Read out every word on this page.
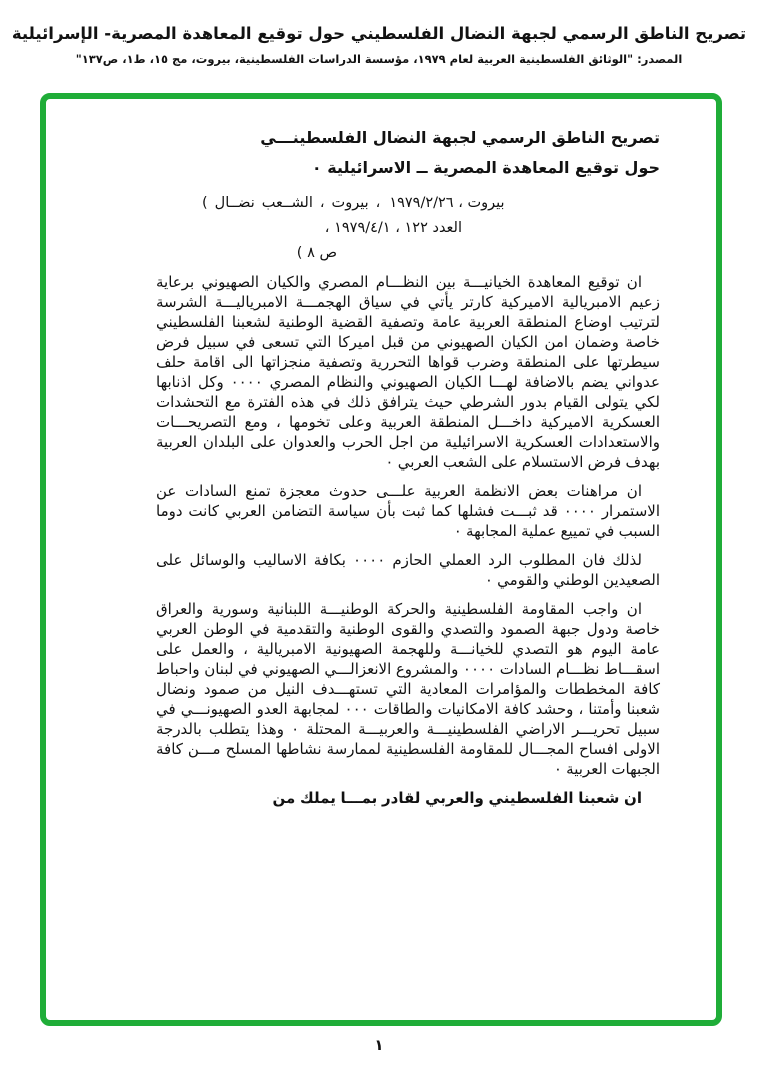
تصريح الناطق الرسمي لجبهة النضال الفلسطيني حول توقيع المعاهدة المصرية- الإسرائيلية
المصدر: "الوثائق الفلسطينية العربية لعام ١٩٧٩، مؤسسة الدراسات الفلسطينية، بيروت، مج ١٥، ط١، ص١٣٧"
تصريح الناطق الرسمي لجبهة النضال الفلسطينـــي
حول توقيع المعاهدة المصرية ــ الاسرائيلية ٠
( نضــال الشــعب ، بيروت ، بيروت ، ١٩٧٩/٢/٢٦
العدد ١٢٢ ، ١٩٧٩/٤/١ ،
ص ٨ )

ان توقيع المعاهدة الخيانيـــة بين النظـــام المصري والكيان الصهيوني برعاية زعيم الامبريالية الاميركية كارتر يأتي في سياق الهجمـــة الامبرياليـــة الشرسة لترتيب اوضاع المنطقة العربية عامة وتصفية القضية الوطنية لشعبنا الفلسطيني خاصة وضمان امن الكيان الصهيوني من قبل اميركا التي تسعى في سبيل فرض سيطرتها على المنطقة وضرب قواها التحررية وتصفية منجزاتها الى اقامة حلف عدواني يضم بالاضافة لهـــا الكيان الصهيوني والنظام المصري ٠٠٠٠ وكل اذنابها لكي يتولى القيام بدور الشرطي حيث يترافق ذلك في هذه الفترة مع التحشدات العسكرية الاميركية داخـــل المنطقة العربية وعلى تخومها ، ومع التصريحـــات والاستعدادات العسكرية الاسرائيلية من اجل الحرب والعدوان على البلدان العربية بهدف فرض الاستسلام على الشعب العربي ٠

ان مراهنات بعض الانظمة العربية علـــى حدوث معجزة تمنع السادات عن الاستمرار ٠٠٠٠ قد ثبـــت فشلها كما ثبت بأن سياسة التضامن العربي كانت دوما السبب في تمييع عملية المجابهة ٠

لذلك فان المطلوب الرد العملي الحازم ٠٠٠٠ بكافة الاساليب والوسائل على الصعيدين الوطني والقومي ٠

ان واجب المقاومة الفلسطينية والحركة الوطنيـــة اللبنانية وسورية والعراق خاصة ودول جبهة الصمود والتصدي والقوى الوطنية والتقدمية في الوطن العربي عامة اليوم هو التصدي للخيانـــة وللهجمة الصهيونية الامبريالية ، والعمل على اسقـــاط نظـــام السادات ٠٠٠٠ والمشروع الانعزالـــي الصهيوني في لبنان واحباط كافة المخططات والمؤامرات المعادية التي تستهـــدف النيل من صمود ونضال شعبنا وأمتنا ، وحشد كافة الامكانيات والطاقات ٠٠٠ لمجابهة العدو الصهيونـــي في سبيل تحريـــر الاراضي الفلسطينيـــة والعربيـــة المحتلة ٠ وهذا يتطلب بالدرجة الاولى افساح المجـــال للمقاومة الفلسطينية لممارسة نشاطها المسلح مـــن كافة الجبهات العربية ٠

ان شعبنا الفلسطيني والعربي لقادر بمـــا يملك من

١
